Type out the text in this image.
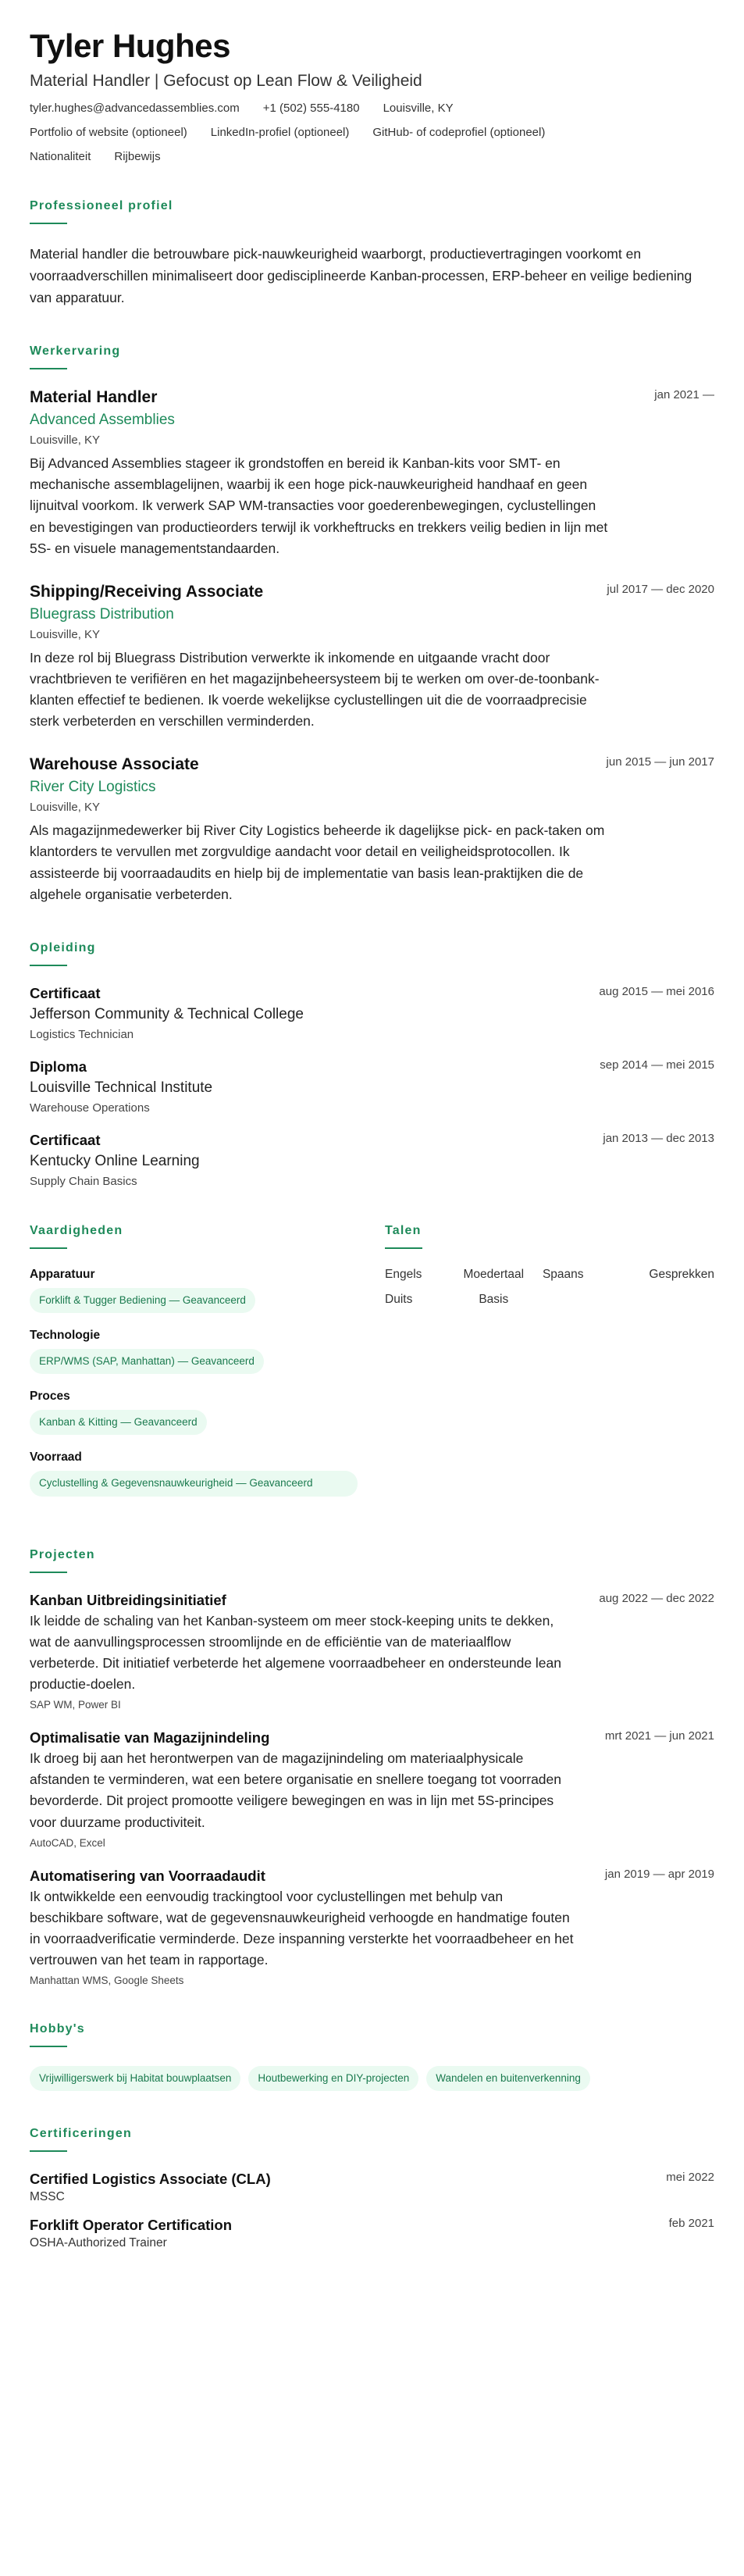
Tyler Hughes
Material Handler | Gefocust op Lean Flow & Veiligheid
tyler.hughes@advancedassemblies.com +1 (502) 555-4180 Louisville, KY
Portfolio of website (optioneel) LinkedIn-profiel (optioneel) GitHub- of codeprofiel (optioneel)
Nationaliteit Rijbewijs
Professioneel profiel
Material handler die betrouwbare pick-nauwkeurigheid waarborgt, productievertragingen voorkomt en voorraadverschillen minimaliseert door gedisciplineerde Kanban-processen, ERP-beheer en veilige bediening van apparatuur.
Werkervaring
jan 2021 —
Material Handler
Advanced Assemblies
Louisville, KY
Bij Advanced Assemblies stageer ik grondstoffen en bereid ik Kanban-kits voor SMT- en mechanische assemblagelijnen, waarbij ik een hoge pick-nauwkeurigheid handhaaf en geen lijnuitval voorkom. Ik verwerk SAP WM-transacties voor goederenbewegingen, cyclustellingen en bevestigingen van productieorders terwijl ik vorkheftrucks en trekkers veilig bedien in lijn met 5S- en visuele managementstandaarden.
jul 2017 — dec 2020
Shipping/Receiving Associate
Bluegrass Distribution
Louisville, KY
In deze rol bij Bluegrass Distribution verwerkte ik inkomende en uitgaande vracht door vrachtbrieven te verifiëren en het magazijnbeheersysteem bij te werken om over-de-toonbank-klanten effectief te bedienen. Ik voerde wekelijkse cyclustellingen uit die de voorraadprecisie sterk verbeterden en verschillen verminderden.
jun 2015 — jun 2017
Warehouse Associate
River City Logistics
Louisville, KY
Als magazijnmedewerker bij River City Logistics beheerde ik dagelijkse pick- en pack-taken om klantorders te vervullen met zorgvuldige aandacht voor detail en veiligheidsprotocollen. Ik assisteerde bij voorraadaudits en hielp bij de implementatie van basis lean-praktijken die de algehele organisatie verbeterden.
Opleiding
aug 2015 — mei 2016
Certificaat
Jefferson Community & Technical College
Logistics Technician
sep 2014 — mei 2015
Diploma
Louisville Technical Institute
Warehouse Operations
jan 2013 — dec 2013
Certificaat
Kentucky Online Learning
Supply Chain Basics
Vaardigheden
Apparatuur
Forklift & Tugger Bediening — Geavanceerd
Technologie
ERP/WMS (SAP, Manhattan) — Geavanceerd
Proces
Kanban & Kitting — Geavanceerd
Voorraad
Cyclustelling & Gegevensnauwkeurigheid — Geavanceerd
Talen
Engels	Moedertaal	Spaans	Gesprekken
Duits	Basis		
Projecten
aug 2022 — dec 2022
Kanban Uitbreidingsinitiatief
Ik leidde de schaling van het Kanban-systeem om meer stock-keeping units te dekken, wat de aanvullingsprocessen stroomlijnde en de efficiëntie van de materiaalflow verbeterde. Dit initiatief verbeterde het algemene voorraadbeheer en ondersteunde lean productie-doelen.
SAP WM, Power BI
mrt 2021 — jun 2021
Optimalisatie van Magazijnindeling
Ik droeg bij aan het herontwerpen van de magazijnindeling om materiaalphysicale afstanden te verminderen, wat een betere organisatie en snellere toegang tot voorraden bevorderde. Dit project promootte veiligere bewegingen en was in lijn met 5S-principes voor duurzame productiviteit.
AutoCAD, Excel
jan 2019 — apr 2019
Automatisering van Voorraadaudit
Ik ontwikkelde een eenvoudig trackingtool voor cyclustellingen met behulp van beschikbare software, wat de gegevensnauwkeurigheid verhoogde en handmatige fouten in voorraadverificatie verminderde. Deze inspanning versterkte het voorraadbeheer en het vertrouwen van het team in rapportage.
Manhattan WMS, Google Sheets
Hobby's
Vrijwilligerswerk bij Habitat bouwplaatsen	Houtbewerking en DIY-projecten	Wandelen en buitenverkenning
Certificeringen
mei 2022
Certified Logistics Associate (CLA)
MSSC
feb 2021
Forklift Operator Certification
OSHA-Authorized Trainer
